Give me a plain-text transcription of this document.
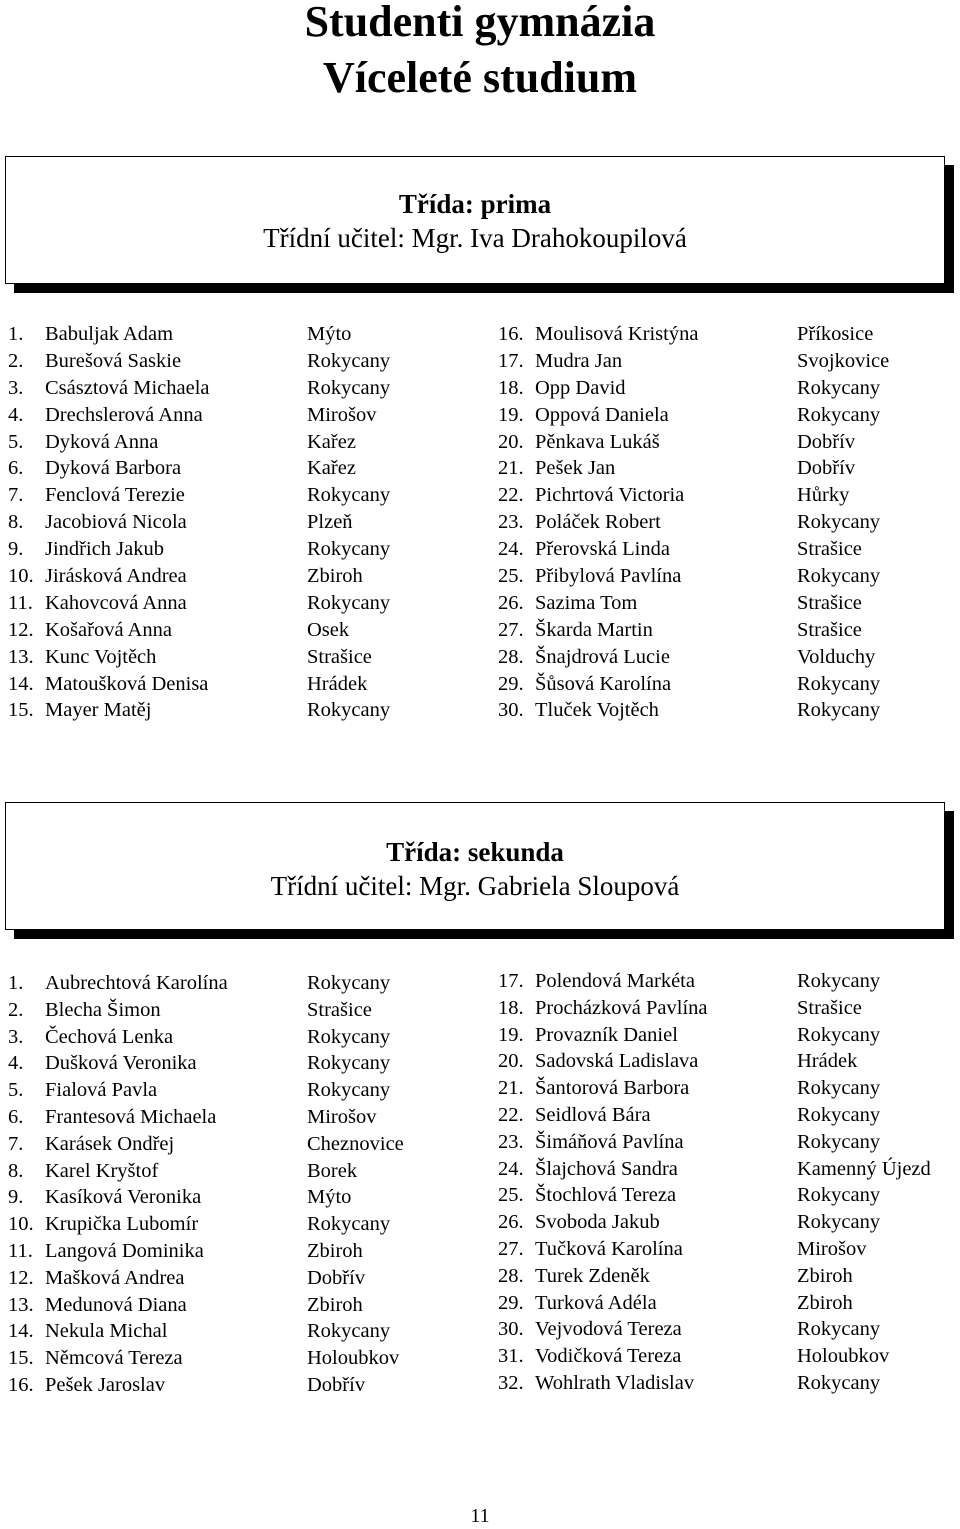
Studenti gymnázia
Víceleté studium
Třída: prima
Třídní učitel: Mgr. Iva Drahokoupilová
1. Babuljak Adam	Mýto
2. Burešová Saskie	Rokycany
3. Császtová Michaela	Rokycany
4. Drechslerová Anna	Mirošov
5. Dyková Anna	Kařez
6. Dyková Barbora	Kařez
7. Fenclová Terezie	Rokycany
8. Jacobiová Nicola	Plzeň
9. Jindřich Jakub	Rokycany
10. Jirásková Andrea	Zbiroh
11. Kahovcová Anna	Rokycany
12. Košařová Anna	Osek
13. Kunc Vojtěch	Strašice
14. Matoušková Denisa	Hrádek
15. Mayer Matěj	Rokycany
16. Moulisová Kristýna	Příkosice
17. Mudra Jan	Svojkovice
18. Opp David	Rokycany
19. Oppová Daniela	Rokycany
20. Pěnkava Lukáš	Dobřív
21. Pešek Jan	Dobřív
22. Pichrtová Victoria	Hůrky
23. Poláček Robert	Rokycany
24. Přerovská Linda	Strašice
25. Přibylová Pavlína	Rokycany
26. Sazima Tom	Strašice
27. Škarda Martin	Strašice
28. Šnajdrová Lucie	Volduchy
29. Šůsová Karolína	Rokycany
30. Tluček Vojtěch	Rokycany
Třída: sekunda
Třídní učitel: Mgr. Gabriela Sloupová
1. Aubrechtová Karolína	Rokycany
2. Blecha Šimon	Strašice
3. Čechová Lenka	Rokycany
4. Dušková Veronika	Rokycany
5. Fialová Pavla	Rokycany
6. Frantesová Michaela	Mirošov
7. Karásek Ondřej	Cheznovice
8. Karel Kryštof	Borek
9. Kasíková Veronika	Mýto
10. Krupička Lubomír	Rokycany
11. Langová Dominika	Zbiroh
12. Mašková Andrea	Dobřív
13. Medunová Diana	Zbiroh
14. Nekula Michal	Rokycany
15. Němcová Tereza	Holoubkov
16. Pešek Jaroslav	Dobřív
17. Polendová Markéta	Rokycany
18. Procházková Pavlína	Strašice
19. Provazník Daniel	Rokycany
20. Sadovská Ladislava	Hrádek
21. Šantorová Barbora	Rokycany
22. Seidlová Bára	Rokycany
23. Šimáňová Pavlína	Rokycany
24. Šlajchová Sandra	Kamenný Újezd
25. Štochlová Tereza	Rokycany
26. Svoboda Jakub	Rokycany
27. Tučková Karolína	Mirošov
28. Turek Zdeněk	Zbiroh
29. Turková Adéla	Zbiroh
30. Vejvodová Tereza	Rokycany
31. Vodičková Tereza	Holoubkov
32. Wohlrath Vladislav	Rokycany
11
